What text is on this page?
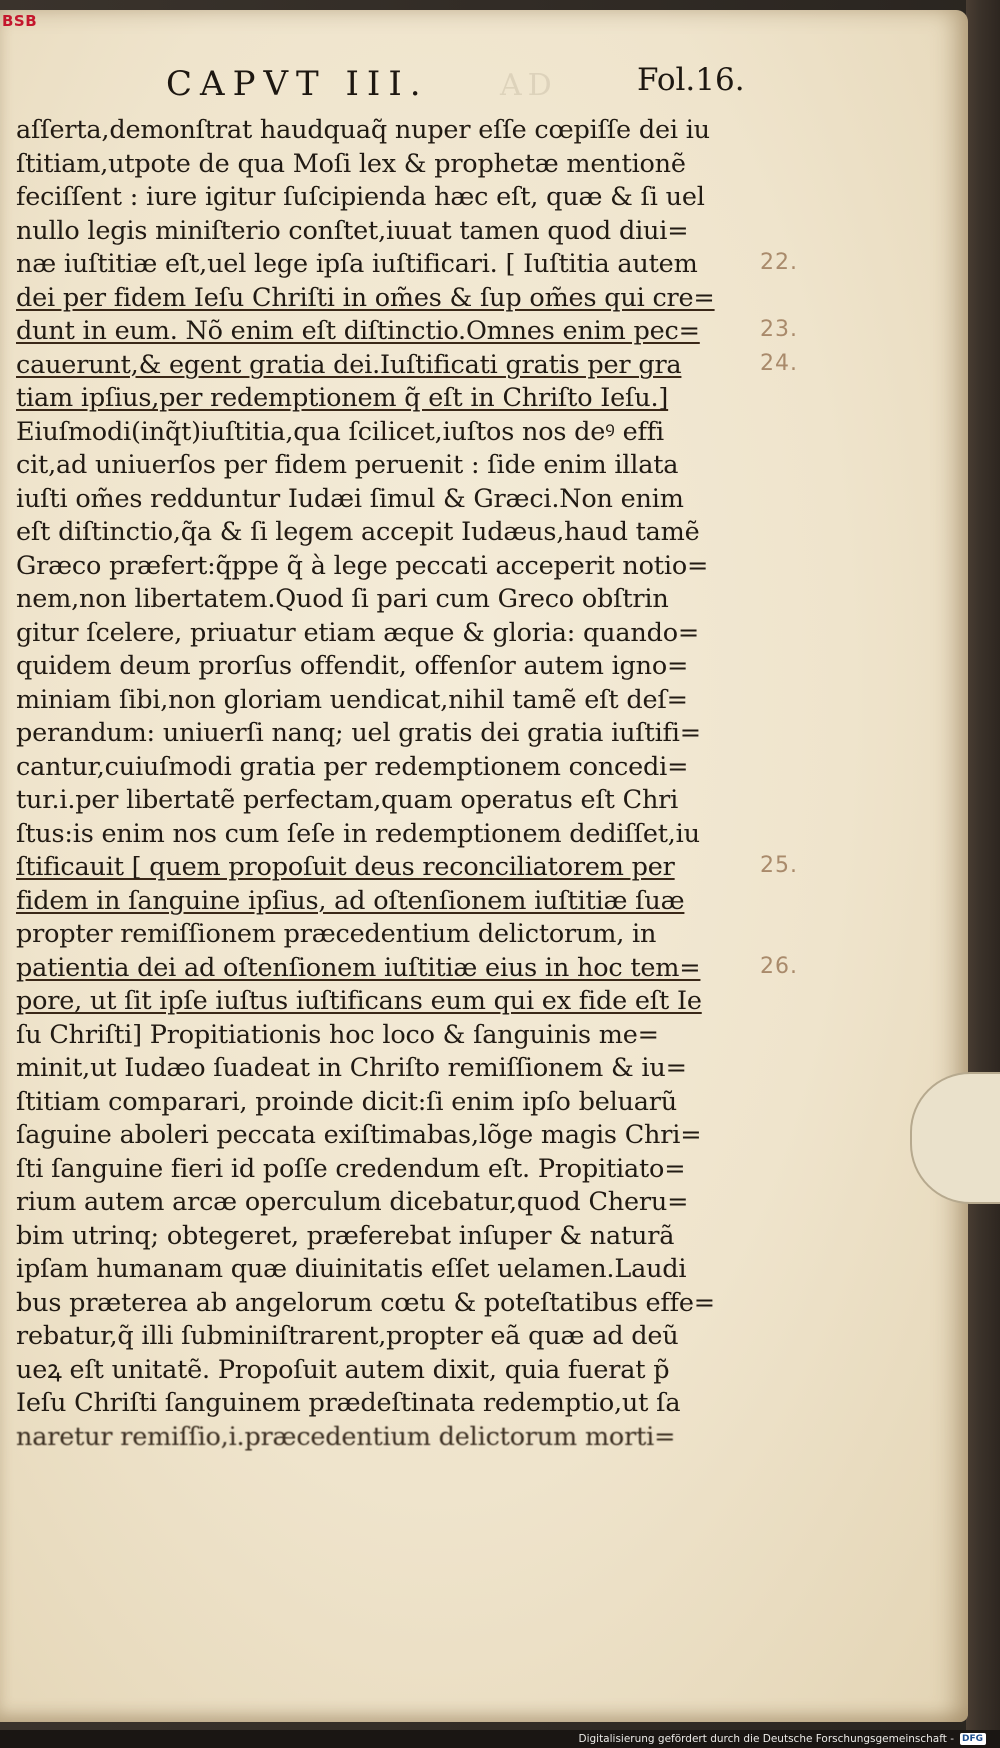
BSB
CAPVT III. AD	Fol.16.
aſſerta,demonſtrat haudquaq̃ nuper eſſe cœpiſſe dei iu
ſtitiam,utpote de qua Moſi lex & prophetæ mentionẽ
feciſſent : iure igitur ſuſcipienda hæc eſt, quæ & ſi uel
nullo legis miniſterio conſtet,iuuat tamen quod diui=
næ iuſtitiæ eſt,uel lege ipſa iuſtificari. [ Iuſtitia autem
dei per fidem Ieſu Chriſti in om̃es & ſup om̃es qui cre=
dunt in eum. Nõ enim eſt diſtinctio.Omnes enim pec=
cauerunt,& egent gratia dei.Iuſtificati gratis per gra
tiam ipſius,per redemptionem q̃ eſt in Chriſto Ieſu.]
Eiuſmodi(inq̃t)iuſtitia,qua ſcilicet,iuſtos nos deꝰ effi
cit,ad uniuerſos per fidem peruenit : ſide enim illata
iuſti om̃es redduntur Iudæi ſimul & Græci.Non enim
eſt diſtinctio,q̃a & ſi legem accepit Iudæus,haud tamẽ
Græco præfert:q̃ppe q̃ à lege peccati acceperit notio=
nem,non libertatem.Quod ſi pari cum Greco obſtrin
gitur ſcelere, priuatur etiam æque & gloria: quando=
quidem deum prorſus offendit, offenſor autem igno=
miniam ſibi,non gloriam uendicat,nihil tamẽ eſt deſ=
perandum: uniuerſi nanq; uel gratis dei gratia iuſtifi=
cantur,cuiuſmodi gratia per redemptionem concedi=
tur.i.per libertatẽ perfectam,quam operatus eſt Chri
ſtus:is enim nos cum ſeſe in redemptionem dediſſet,iu
ſtificauit [ quem propoſuit deus reconciliatorem per
fidem in ſanguine ipſius, ad oſtenſionem iuſtitiæ ſuæ
propter remiſſionem præcedentium delictorum, in
patientia dei ad oſtenſionem iuſtitiæ eius in hoc tem=
pore, ut ſit ipſe iuſtus iuſtificans eum qui ex fide eſt Ie
ſu Chriſti] Propitiationis hoc loco & ſanguinis me=
minit,ut Iudæo ſuadeat in Chriſto remiſſionem & iu=
ſtitiam comparari, proinde dicit:ſi enim ipſo beluarũ
ſaguine aboleri peccata exiſtimabas,lõge magis Chri=
ſti ſanguine fieri id poſſe credendum eſt. Propitiato=
rium autem arcæ operculum dicebatur,quod Cheru=
bim utrinq; obtegeret, præferebat inſuper & naturã
ipſam humanam quæ diuinitatis eſſet uelamen.Laudi
bus præterea ab angelorum cœtu & poteſtatibus effe=
rebatur,q̃ illi ſubminiſtrarent,propter eã quæ ad deũ
ueꝝ eſt unitatẽ. Propoſuit autem dixit, quia fuerat p̃
Ieſu Chriſti ſanguinem prædeſtinata redemptio,ut ſa
naretur remiſſio,i.præcedentium delictorum morti=
22.
23.
24.
25.
26.
Digitalisierung gefördert durch die Deutsche Forschungsgemeinschaft - DFG
